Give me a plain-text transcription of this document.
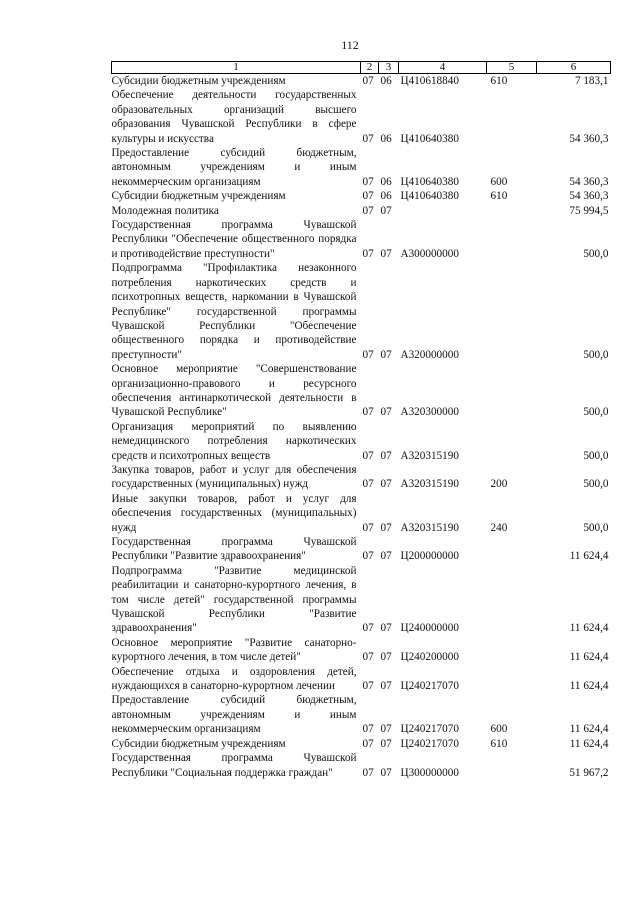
112
1	2	3	4	5	6
Субсидии бюджетным учреждениям	07	06	Ц410618840	610	7 183,1
Обеспечение деятельности государственных образовательных организаций высшего образования Чувашской Республики в сфере культуры и искусства	07	06	Ц410640380		54 360,3
Предоставление субсидий бюджетным, автономным учреждениям и иным некоммерческим организациям	07	06	Ц410640380	600	54 360,3
Субсидии бюджетным учреждениям	07	06	Ц410640380	610	54 360,3
Молодежная политика	07	07			75 994,5
Государственная программа Чувашской Республики "Обеспечение общественного порядка и противодействие преступности"	07	07	А300000000		500,0
Подпрограмма "Профилактика незаконного потребления наркотических средств и психотропных веществ, наркомании в Чувашской Республике" государственной программы Чувашской Республики "Обеспечение общественного порядка и противодействие преступности"	07	07	А320000000		500,0
Основное мероприятие "Совершенствование организационно-правового и ресурсного обеспечения антинаркотической деятельности в Чувашской Республике"	07	07	А320300000		500,0
Организация мероприятий по выявлению немедицинского потребления наркотических средств и психотропных веществ	07	07	А320315190		500,0
Закупка товаров, работ и услуг для обеспечения государственных (муниципальных) нужд	07	07	А320315190	200	500,0
Иные закупки товаров, работ и услуг для обеспечения государственных (муниципальных) нужд	07	07	А320315190	240	500,0
Государственная программа Чувашской Республики "Развитие здравоохранения"	07	07	Ц200000000		11 624,4
Подпрограмма "Развитие медицинской реабилитации и санаторно-курортного лечения, в том числе детей" государственной программы Чувашской Республики "Развитие здравоохранения"	07	07	Ц240000000		11 624,4
Основное мероприятие "Развитие санаторно-курортного лечения, в том числе детей"	07	07	Ц240200000		11 624,4
Обеспечение отдыха и оздоровления детей, нуждающихся в санаторно-курортном лечении	07	07	Ц240217070		11 624,4
Предоставление субсидий бюджетным, автономным учреждениям и иным некоммерческим организациям	07	07	Ц240217070	600	11 624,4
Субсидии бюджетным учреждениям	07	07	Ц240217070	610	11 624,4
Государственная программа Чувашской Республики "Социальная поддержка граждан"	07	07	Ц300000000		51 967,2
